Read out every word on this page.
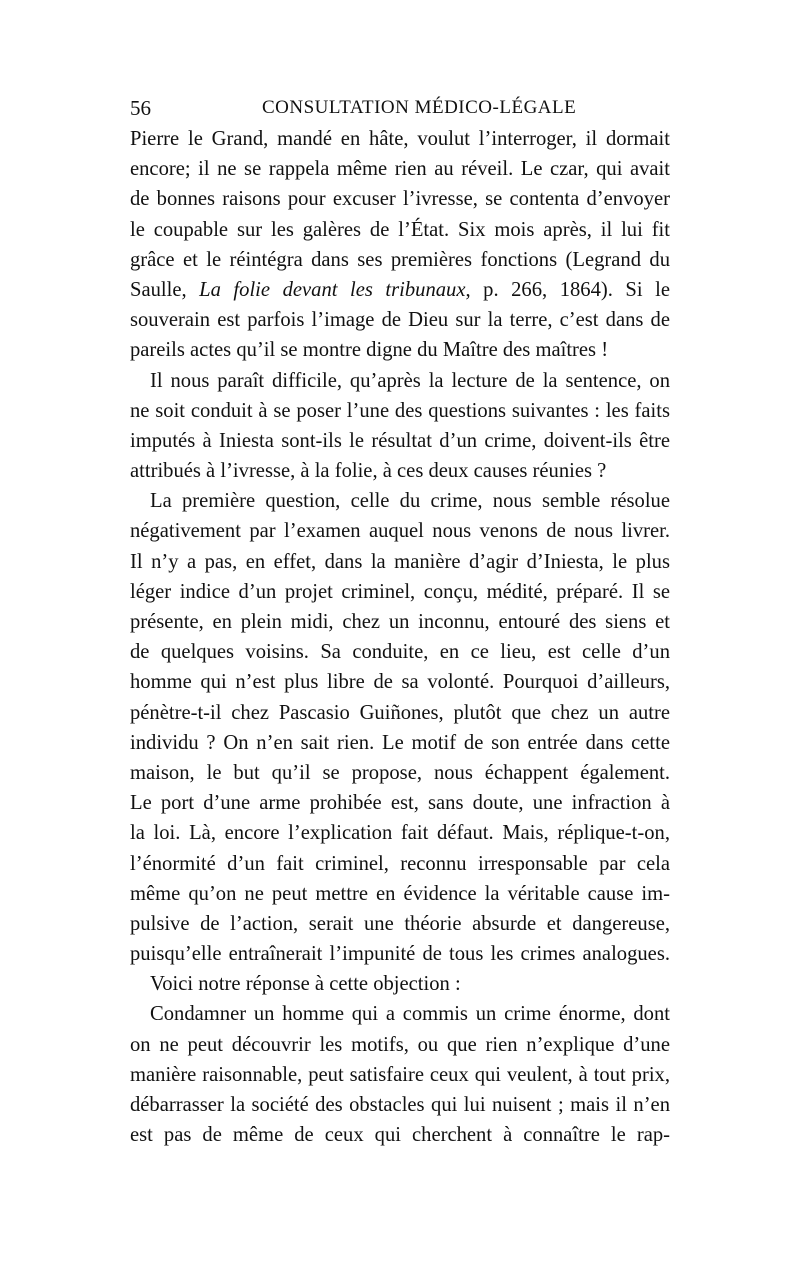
56	CONSULTATION MÉDICO-LÉGALE
Pierre le Grand, mandé en hâte, voulut l’interroger, il dormait
encore; il ne se rappela même rien au réveil. Le czar, qui avait
de bonnes raisons pour excuser l’ivresse, se contenta d’envoyer
le coupable sur les galères de l’État. Six mois après, il lui fit
grâce et le réintégra dans ses premières fonctions (Legrand du
Saulle, La folie devant les tribunaux, p. 266, 1864). Si le
souverain est parfois l’image de Dieu sur la terre, c’est dans de
pareils actes qu’il se montre digne du Maître des maîtres !
Il nous paraît difficile, qu’après la lecture de la sentence, on
ne soit conduit à se poser l’une des questions suivantes : les faits
imputés à Iniesta sont-ils le résultat d’un crime, doivent-ils être
attribués à l’ivresse, à la folie, à ces deux causes réunies ?
La première question, celle du crime, nous semble résolue
négativement par l’examen auquel nous venons de nous livrer.
Il n’y a pas, en effet, dans la manière d’agir d’Iniesta, le plus
léger indice d’un projet criminel, conçu, médité, préparé. Il se
présente, en plein midi, chez un inconnu, entouré des siens et
de quelques voisins. Sa conduite, en ce lieu, est celle d’un
homme qui n’est plus libre de sa volonté. Pourquoi d’ailleurs,
pénètre-t-il chez Pascasio Guiñones, plutôt que chez un autre
individu ? On n’en sait rien. Le motif de son entrée dans cette
maison, le but qu’il se propose, nous échappent également.
Le port d’une arme prohibée est, sans doute, une infraction à
la loi. Là, encore l’explication fait défaut. Mais, réplique-t-on,
l’énormité d’un fait criminel, reconnu irresponsable par cela
même qu’on ne peut mettre en évidence la véritable cause im-
pulsive de l’action, serait une théorie absurde et dangereuse,
puisqu’elle entraînerait l’impunité de tous les crimes analogues.
Voici notre réponse à cette objection :
Condamner un homme qui a commis un crime énorme, dont
on ne peut découvrir les motifs, ou que rien n’explique d’une
manière raisonnable, peut satisfaire ceux qui veulent, à tout prix,
débarrasser la société des obstacles qui lui nuisent ; mais il n’en
est pas de même de ceux qui cherchent à connaître le rap-
